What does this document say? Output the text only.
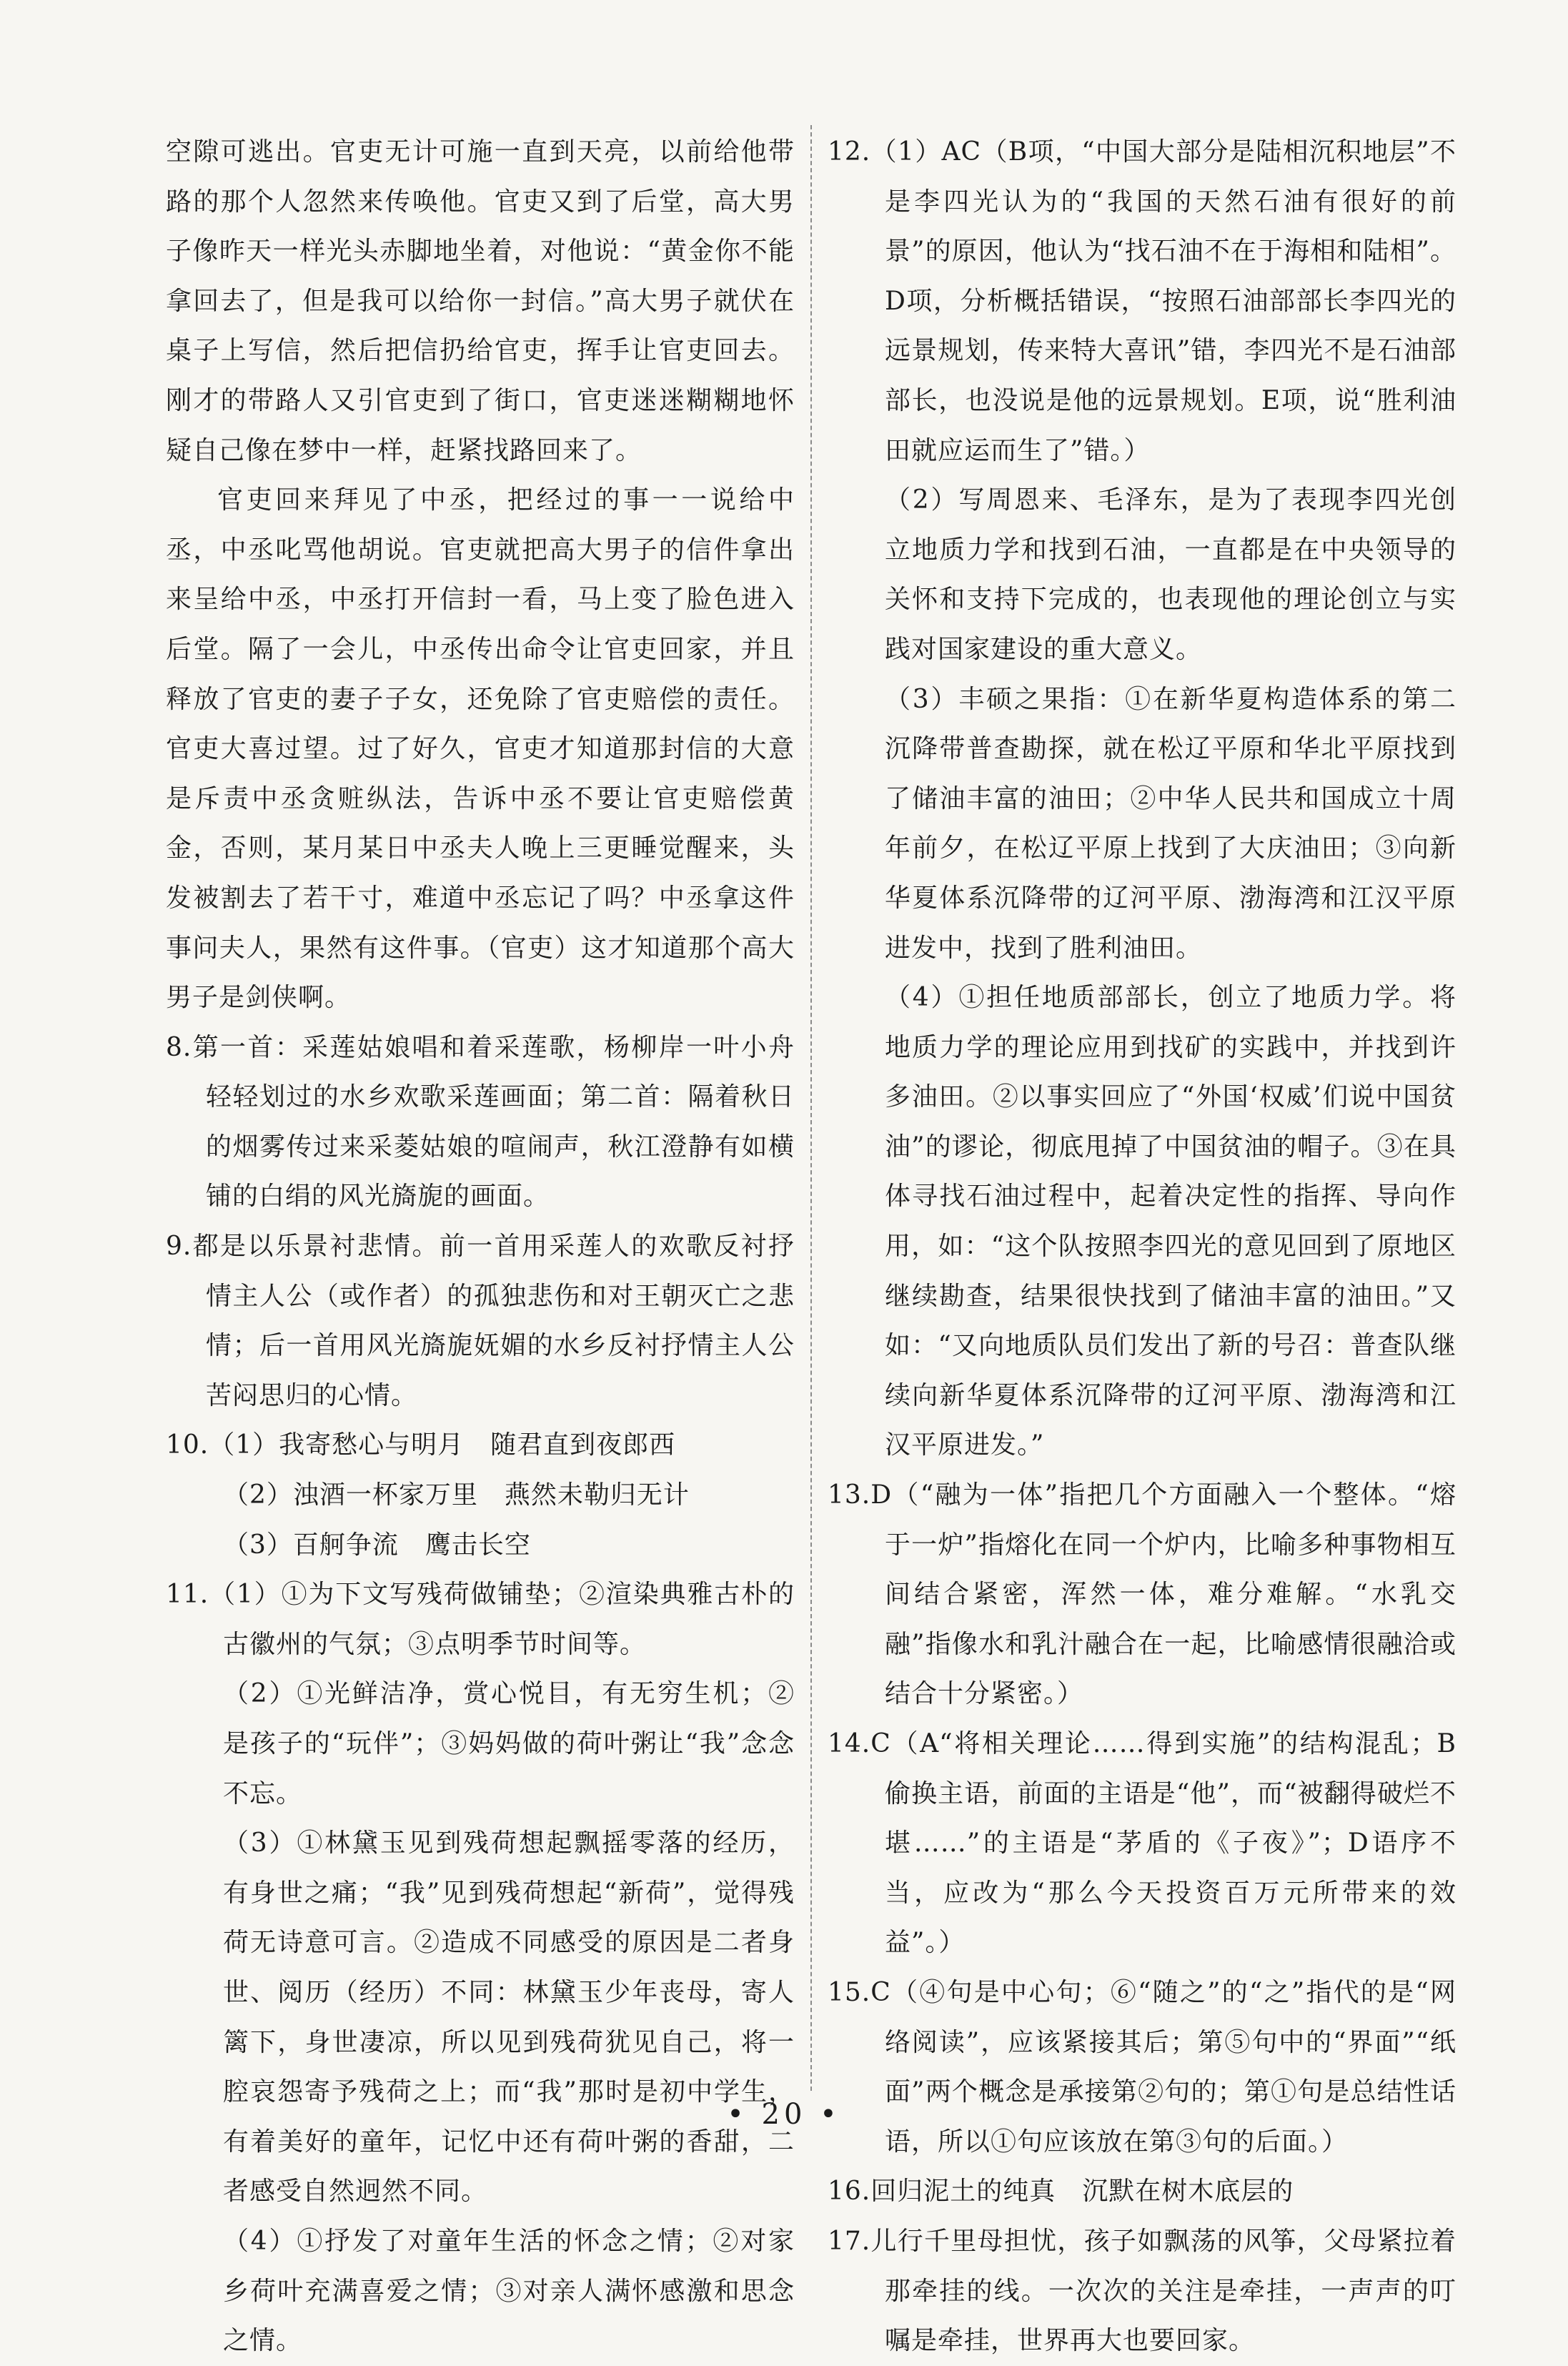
空隙可逃出。官吏无计可施一直到天亮，以前给他带路的那个人忽然来传唤他。官吏又到了后堂，高大男子像昨天一样光头赤脚地坐着，对他说：“黄金你不能拿回去了，但是我可以给你一封信。”高大男子就伏在桌子上写信，然后把信扔给官吏，挥手让官吏回去。刚才的带路人又引官吏到了街口，官吏迷迷糊糊地怀疑自己像在梦中一样，赶紧找路回来了。

官吏回来拜见了中丞，把经过的事一一说给中丞，中丞叱骂他胡说。官吏就把高大男子的信件拿出来呈给中丞，中丞打开信封一看，马上变了脸色进入后堂。隔了一会儿，中丞传出命令让官吏回家，并且释放了官吏的妻子子女，还免除了官吏赔偿的责任。官吏大喜过望。过了好久，官吏才知道那封信的大意是斥责中丞贪赃纵法，告诉中丞不要让官吏赔偿黄金，否则，某月某日中丞夫人晚上三更睡觉醒来，头发被割去了若干寸，难道中丞忘记了吗？中丞拿这件事问夫人，果然有这件事。（官吏）这才知道那个高大男子是剑侠啊。

8.第一首：采莲姑娘唱和着采莲歌，杨柳岸一叶小舟轻轻划过的水乡欢歌采莲画面；第二首：隔着秋日的烟雾传过来采菱姑娘的喧闹声，秋江澄静有如横铺的白绢的风光旖旎的画面。

9.都是以乐景衬悲情。前一首用采莲人的欢歌反衬抒情主人公（或作者）的孤独悲伤和对王朝灭亡之悲情；后一首用风光旖旎妩媚的水乡反衬抒情主人公苦闷思归的心情。

10.（1）我寄愁心与明月　随君直到夜郎西

（2）浊酒一杯家万里　燕然未勒归无计

（3）百舸争流　鹰击长空

11.（1）①为下文写残荷做铺垫；②渲染典雅古朴的古徽州的气氛；③点明季节时间等。

（2）①光鲜洁净，赏心悦目，有无穷生机；②是孩子的“玩伴”；③妈妈做的荷叶粥让“我”念念不忘。

（3）①林黛玉见到残荷想起飘摇零落的经历，有身世之痛；“我”见到残荷想起“新荷”，觉得残荷无诗意可言。②造成不同感受的原因是二者身世、阅历（经历）不同：林黛玉少年丧母，寄人篱下，身世凄凉，所以见到残荷犹见自己，将一腔哀怨寄予残荷之上；而“我”那时是初中学生，有着美好的童年，记忆中还有荷叶粥的香甜，二者感受自然迥然不同。

（4）①抒发了对童年生活的怀念之情；②对家乡荷叶充满喜爱之情；③对亲人满怀感激和思念之情。

12.（1）AC（B项，“中国大部分是陆相沉积地层”不是李四光认为的“我国的天然石油有很好的前景”的原因，他认为“找石油不在于海相和陆相”。D项，分析概括错误，“按照石油部部长李四光的远景规划，传来特大喜讯”错，李四光不是石油部部长，也没说是他的远景规划。E项，说“胜利油田就应运而生了”错。）

（2）写周恩来、毛泽东，是为了表现李四光创立地质力学和找到石油，一直都是在中央领导的关怀和支持下完成的，也表现他的理论创立与实践对国家建设的重大意义。

（3）丰硕之果指：①在新华夏构造体系的第二沉降带普查勘探，就在松辽平原和华北平原找到了储油丰富的油田；②中华人民共和国成立十周年前夕，在松辽平原上找到了大庆油田；③向新华夏体系沉降带的辽河平原、渤海湾和江汉平原进发中，找到了胜利油田。

（4）①担任地质部部长，创立了地质力学。将地质力学的理论应用到找矿的实践中，并找到许多油田。②以事实回应了“外国‘权威’们说中国贫油”的谬论，彻底甩掉了中国贫油的帽子。③在具体寻找石油过程中，起着决定性的指挥、导向作用，如：“这个队按照李四光的意见回到了原地区继续勘查，结果很快找到了储油丰富的油田。”又如：“又向地质队员们发出了新的号召：普查队继续向新华夏体系沉降带的辽河平原、渤海湾和江汉平原进发。”

13.D（“融为一体”指把几个方面融入一个整体。“熔于一炉”指熔化在同一个炉内，比喻多种事物相互间结合紧密，浑然一体，难分难解。“水乳交融”指像水和乳汁融合在一起，比喻感情很融洽或结合十分紧密。）

14.C（A“将相关理论……得到实施”的结构混乱；B偷换主语，前面的主语是“他”，而“被翻得破烂不堪……”的主语是“茅盾的《子夜》”；D语序不当，应改为“那么今天投资百万元所带来的效益”。）

15.C（④句是中心句；⑥“随之”的“之”指代的是“网络阅读”，应该紧接其后；第⑤句中的“界面”“纸面”两个概念是承接第②句的；第①句是总结性话语，所以①句应该放在第③句的后面。）

16.回归泥土的纯真　沉默在树木底层的

17.儿行千里母担忧，孩子如飘荡的风筝，父母紧拉着那牵挂的线。一次次的关注是牵挂，一声声的叮嘱是牵挂，世界再大也要回家。

• 20 •
